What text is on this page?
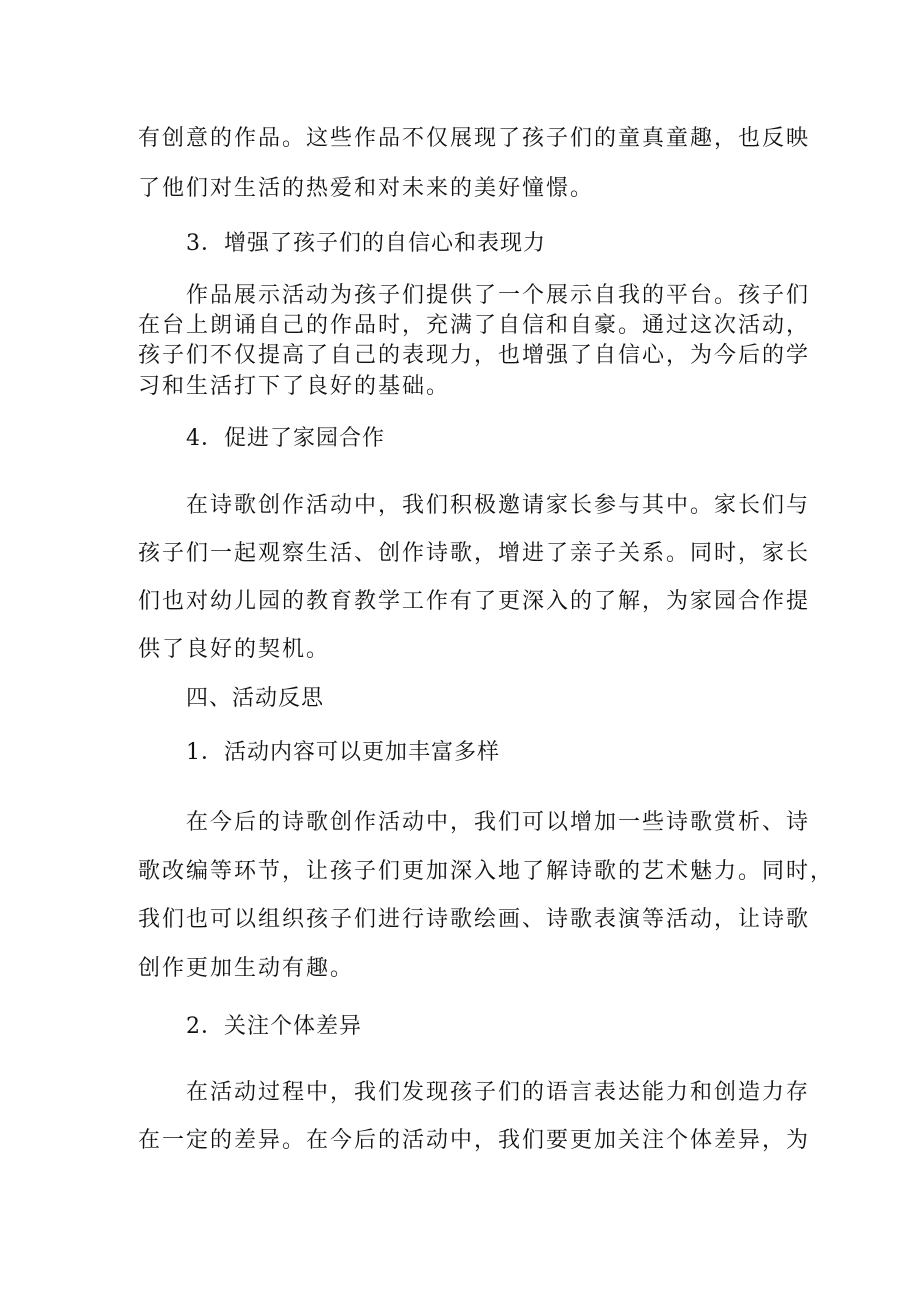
有创意的作品。这些作品不仅展现了孩子们的童真童趣，也反映
了他们对生活的热爱和对未来的美好憧憬。
3．增强了孩子们的自信心和表现力
作品展示活动为孩子们提供了一个展示自我的平台。孩子们
在台上朗诵自己的作品时，充满了自信和自豪。通过这次活动，
孩子们不仅提高了自己的表现力，也增强了自信心，为今后的学
习和生活打下了良好的基础。
4．促进了家园合作
在诗歌创作活动中，我们积极邀请家长参与其中。家长们与
孩子们一起观察生活、创作诗歌，增进了亲子关系。同时，家长
们也对幼儿园的教育教学工作有了更深入的了解，为家园合作提
供了良好的契机。
四、活动反思
1．活动内容可以更加丰富多样
在今后的诗歌创作活动中，我们可以增加一些诗歌赏析、诗
歌改编等环节，让孩子们更加深入地了解诗歌的艺术魅力。同时，
我们也可以组织孩子们进行诗歌绘画、诗歌表演等活动，让诗歌
创作更加生动有趣。
2．关注个体差异
在活动过程中，我们发现孩子们的语言表达能力和创造力存
在一定的差异。在今后的活动中，我们要更加关注个体差异，为
